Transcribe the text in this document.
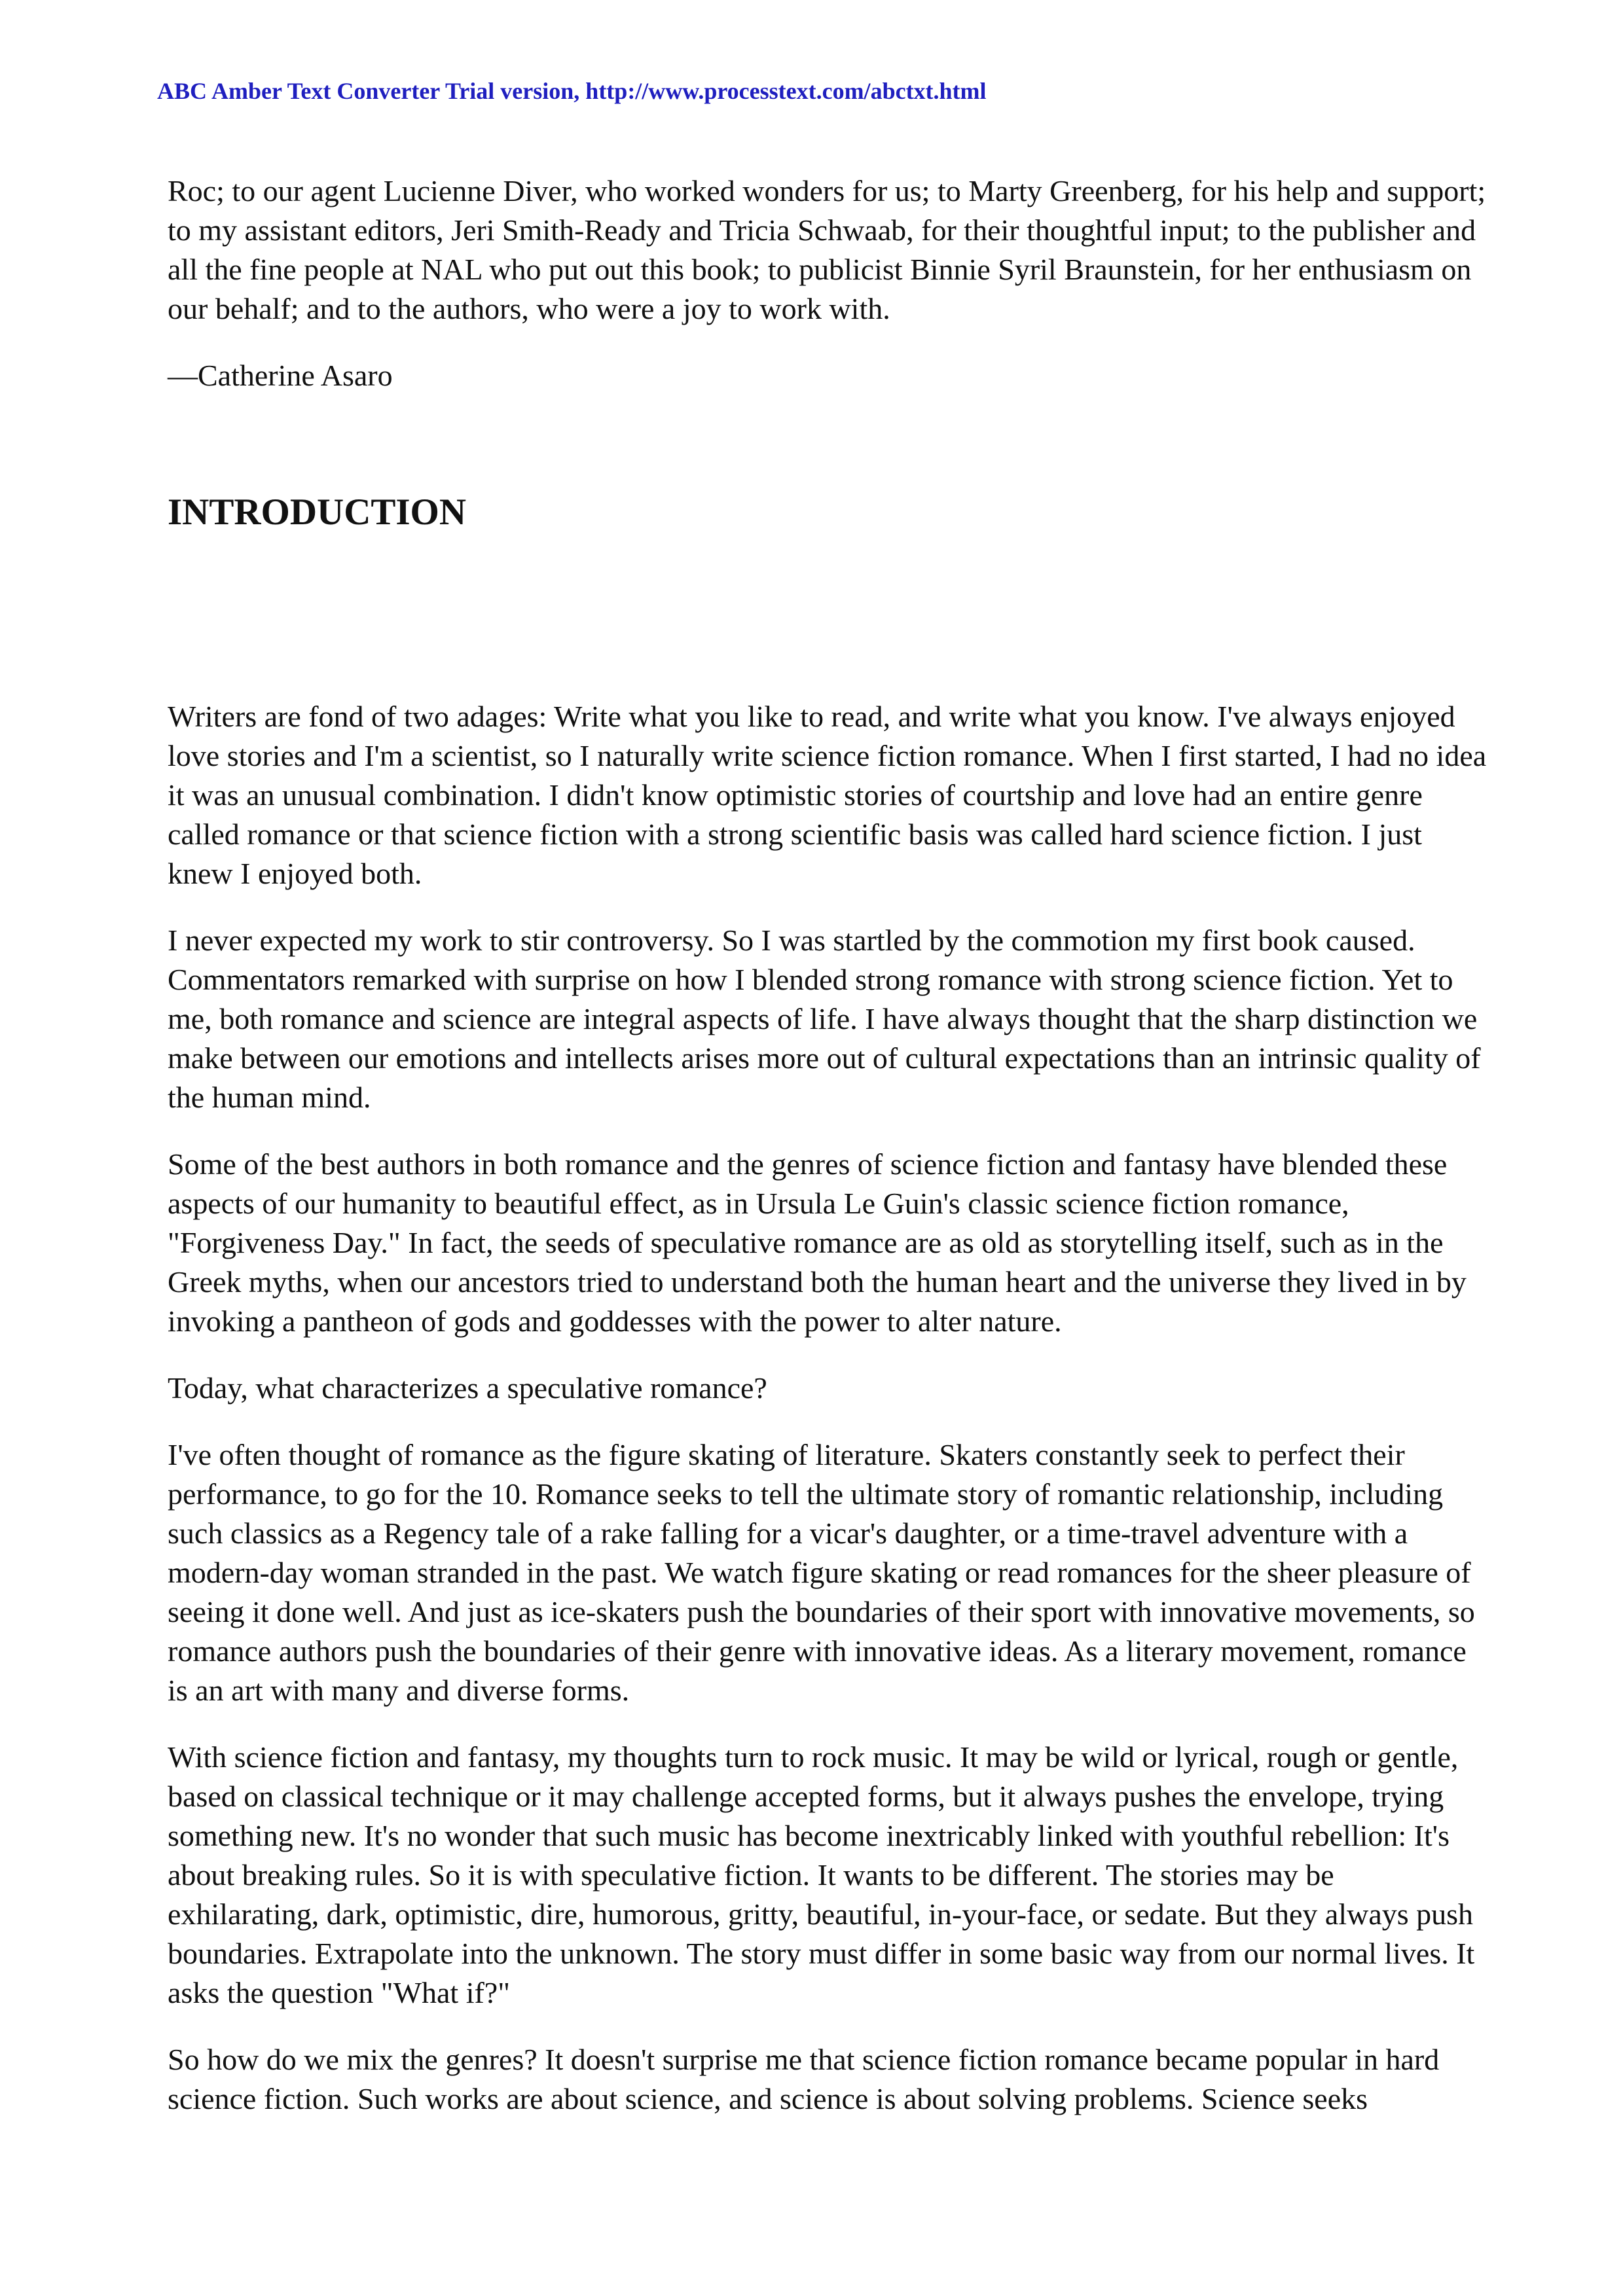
ABC Amber Text Converter Trial version, http://www.processtext.com/abctxt.html

Roc; to our agent Lucienne Diver, who worked wonders for us; to Marty Greenberg, for his help and support; to my assistant editors, Jeri Smith-Ready and Tricia Schwaab, for their thoughtful input; to the publisher and all the fine people at NAL who put out this book; to publicist Binnie Syril Braunstein, for her enthusiasm on our behalf; and to the authors, who were a joy to work with.

—Catherine Asaro

INTRODUCTION

Writers are fond of two adages: Write what you like to read, and write what you know. I've always enjoyed love stories and I'm a scientist, so I naturally write science fiction romance. When I first started, I had no idea it was an unusual combination. I didn't know optimistic stories of courtship and love had an entire genre called romance or that science fiction with a strong scientific basis was called hard science fiction. I just knew I enjoyed both.

I never expected my work to stir controversy. So I was startled by the commotion my first book caused. Commentators remarked with surprise on how I blended strong romance with strong science fiction. Yet to me, both romance and science are integral aspects of life. I have always thought that the sharp distinction we make between our emotions and intellects arises more out of cultural expectations than an intrinsic quality of the human mind.

Some of the best authors in both romance and the genres of science fiction and fantasy have blended these aspects of our humanity to beautiful effect, as in Ursula Le Guin's classic science fiction romance, "Forgiveness Day." In fact, the seeds of speculative romance are as old as storytelling itself, such as in the Greek myths, when our ancestors tried to understand both the human heart and the universe they lived in by invoking a pantheon of gods and goddesses with the power to alter nature.

Today, what characterizes a speculative romance?

I've often thought of romance as the figure skating of literature. Skaters constantly seek to perfect their performance, to go for the 10. Romance seeks to tell the ultimate story of romantic relationship, including such classics as a Regency tale of a rake falling for a vicar's daughter, or a time-travel adventure with a modern-day woman stranded in the past. We watch figure skating or read romances for the sheer pleasure of seeing it done well. And just as ice-skaters push the boundaries of their sport with innovative movements, so romance authors push the boundaries of their genre with innovative ideas. As a literary movement, romance is an art with many and diverse forms.

With science fiction and fantasy, my thoughts turn to rock music. It may be wild or lyrical, rough or gentle, based on classical technique or it may challenge accepted forms, but it always pushes the envelope, trying something new. It's no wonder that such music has become inextricably linked with youthful rebellion: It's about breaking rules. So it is with speculative fiction. It wants to be different. The stories may be exhilarating, dark, optimistic, dire, humorous, gritty, beautiful, in-your-face, or sedate. But they always push boundaries. Extrapolate into the unknown. The story must differ in some basic way from our normal lives. It asks the question "What if?"

So how do we mix the genres? It doesn't surprise me that science fiction romance became popular in hard science fiction. Such works are about science, and science is about solving problems. Science seeks
